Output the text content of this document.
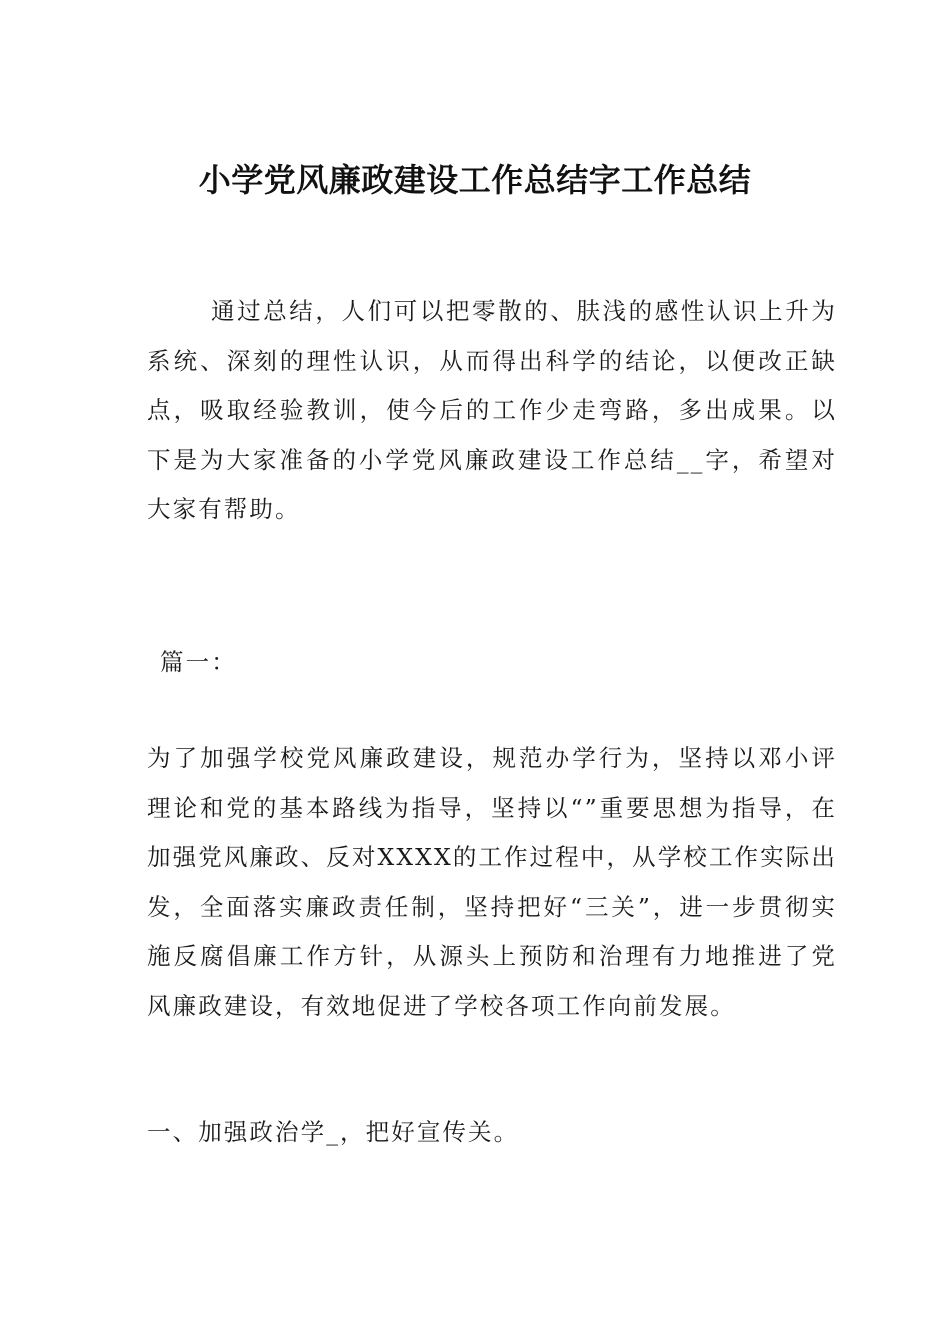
小学党风廉政建设工作总结字工作总结
通过总结，人们可以把零散的、肤浅的感性认识上升为系统、深刻的理性认识，从而得出科学的结论，以便改正缺点，吸取经验教训，使今后的工作少走弯路，多出成果。以下是为大家准备的小学党风廉政建设工作总结__字，希望对大家有帮助。
篇一：
为了加强学校党风廉政建设，规范办学行为，坚持以邓小评理论和党的基本路线为指导，坚持以“”重要思想为指导，在加强党风廉政、反对XXXX的工作过程中，从学校工作实际出发，全面落实廉政责任制，坚持把好“三关”，进一步贯彻实施反腐倡廉工作方针，从源头上预防和治理有力地推进了党风廉政建设，有效地促进了学校各项工作向前发展。
一、加强政治学_，把好宣传关。
